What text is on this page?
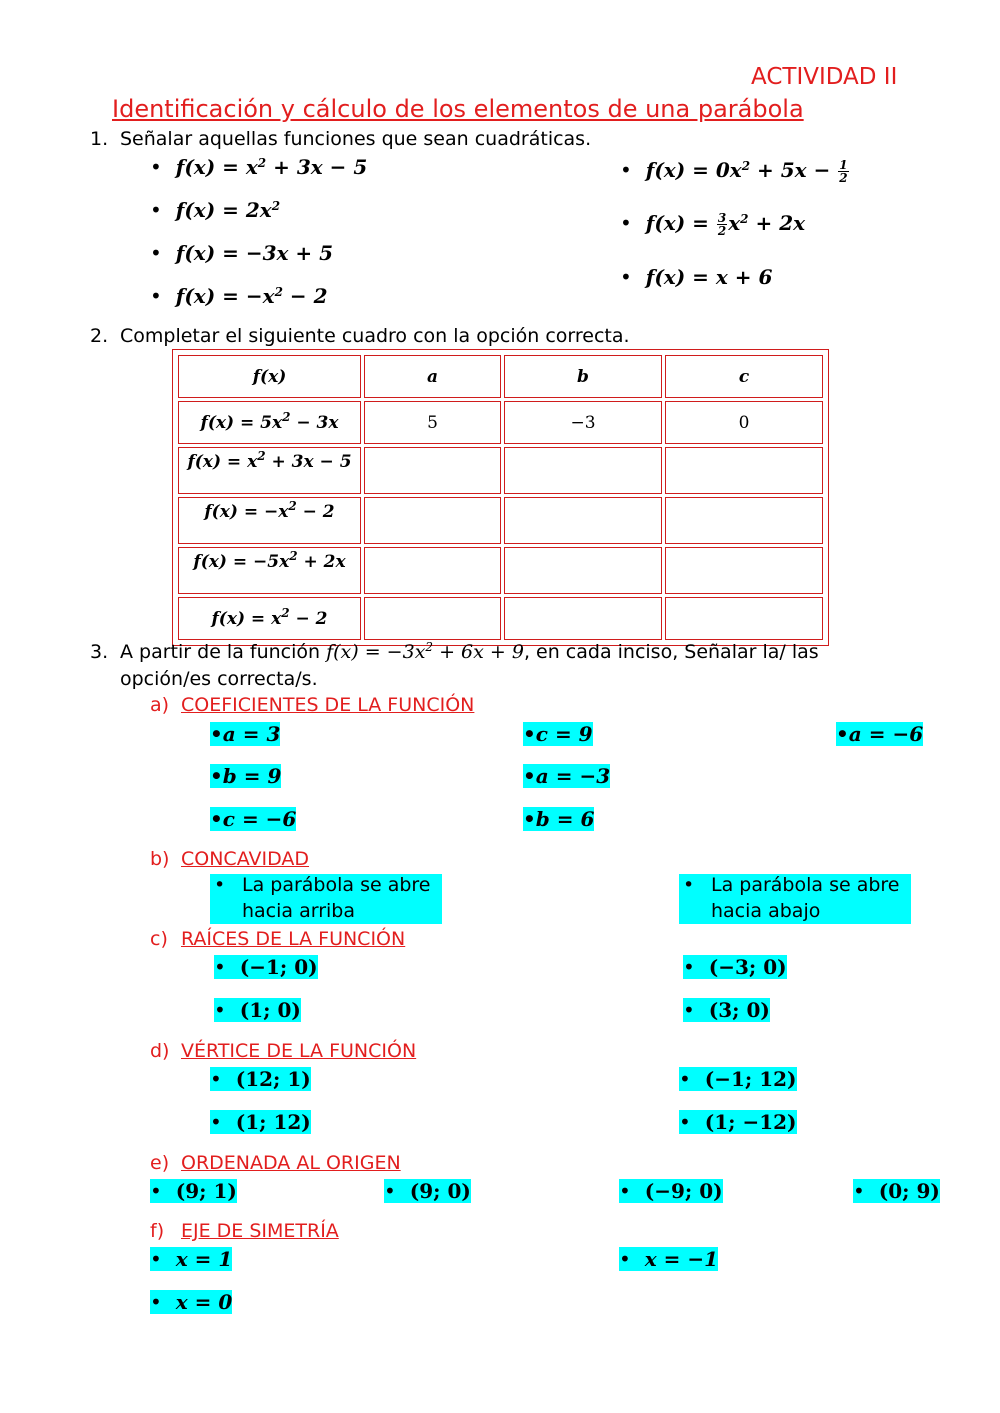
ACTIVIDAD II
Identificación y cálculo de los elementos de una parábola
1. Señalar aquellas funciones que sean cuadráticas.
• $f(x) = x^2 + 3x - 5$
• $f(x) = 2x^2$
• f(x) = −3x + 5
• $f(x) = -x^2 - 2$
• $f(x) = 0x^2 + 5x - \frac{1}{2}$
• $f(x) = \frac{3}{2} x^2 + 2x$
• f(x) = x + 6
2. Completar el siguiente cuadro con la opción correcta.
f(x)	a	b	c
$f(x) = 5x^2 - 3x$	5	−3	0
$f(x) = x^2 + 3x - 5$			
$f(x) = -x^2 - 2$			
$f(x) = -5x^2 + 2x$			
$f(x) = x^2 - 2$			
3. A partir de la función $f(x) = -3x^2 + 6x + 9$, en cada inciso, Señalar la/ las
opción/es correcta/s.
a) COEFICIENTES DE LA FUNCIÓN
•a = 3	•c = 9	•a = −6
•b = 9	•a = −3
•c = −6	•b = 6
b) CONCAVIDAD
• La parábola se abre
hacia arriba
• La parábola se abre
hacia abajo
c) RAÍCES DE LA FUNCIÓN
• (−1; 0)	• (−3; 0)
• (1; 0)	• (3; 0)
d) VÉRTICE DE LA FUNCIÓN
• (12; 1)	• (−1; 12)
• (1; 12)	• (1; −12)
e) ORDENADA AL ORIGEN
• (9; 1)	• (9; 0)	• (−9; 0)	• (0; 9)
f) EJE DE SIMETRÍA
• x = 1	• x = −1
• x = 0
